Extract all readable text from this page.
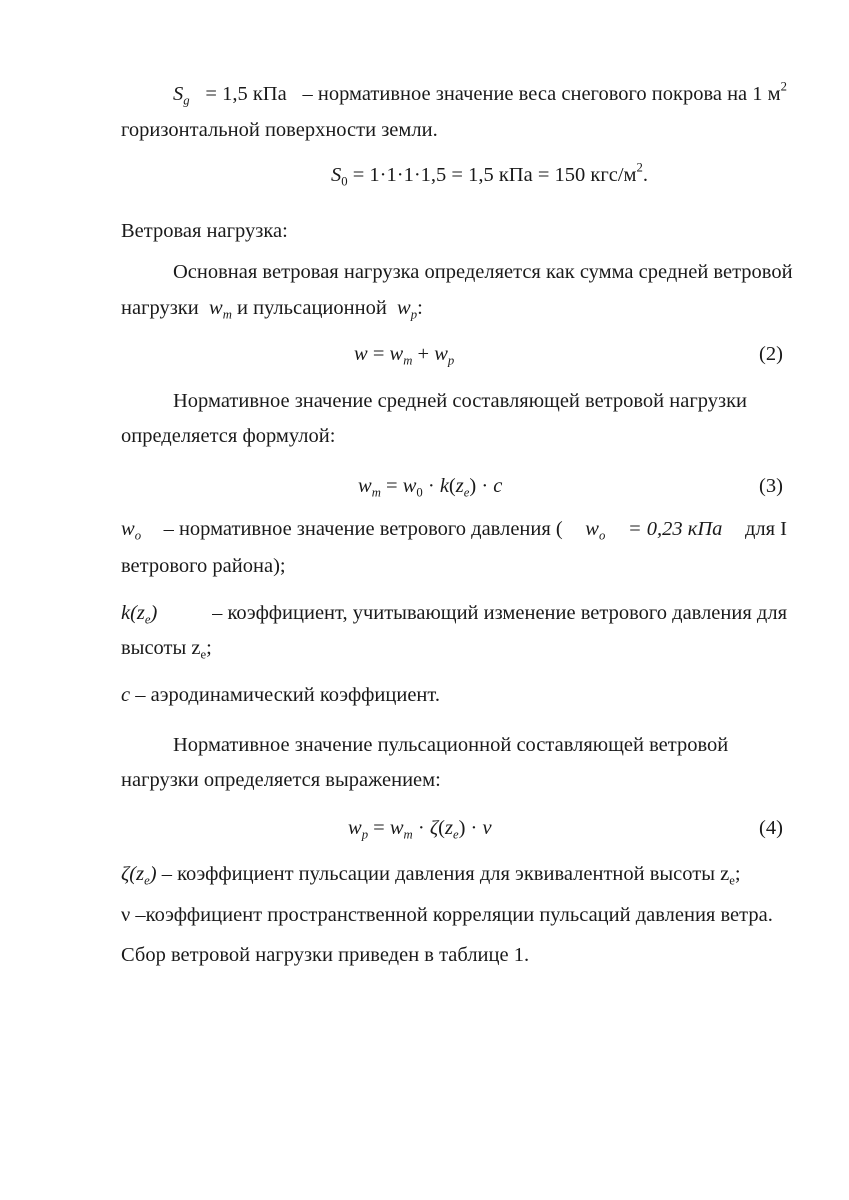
$S_g = 1,5$ кПа – нормативное значение веса снегового покрова на 1 $м^2$
горизонтальной поверхности земли.
$S_0 = 1\cdot 1\cdot 1\cdot 1,5 = 1,5$ кПа = 150 кгс/$м^2$.
Ветровая нагрузка:
Основная ветровая нагрузка определяется как сумма средней ветровой
нагрузки $w_m$ и пульсационной $w_p$:
$w = w_m + w_p$	(2)
Нормативное значение средней составляющей ветровой нагрузки
определяется формулой:
$w_m = w_0 \cdot k(z_e) \cdot c$	(3)
$w_o$ – нормативное значение ветрового давления ( $w_o = 0,23$ кПа для I
ветрового района);
$k(z_e)$	– коэффициент, учитывающий изменение ветрового давления для
высоты $z_e$;
c – аэродинамический коэффициент.
Нормативное значение пульсационной составляющей ветровой
нагрузки определяется выражением:
$w_p = w_m \cdot \zeta(z_e) \cdot \nu$	(4)
$\zeta(z_e)$ – коэффициент пульсации давления для эквивалентной высоты $z_e$;
ν –коэффициент пространственной корреляции пульсаций давления ветра.
Сбор ветровой нагрузки приведен в таблице 1.
